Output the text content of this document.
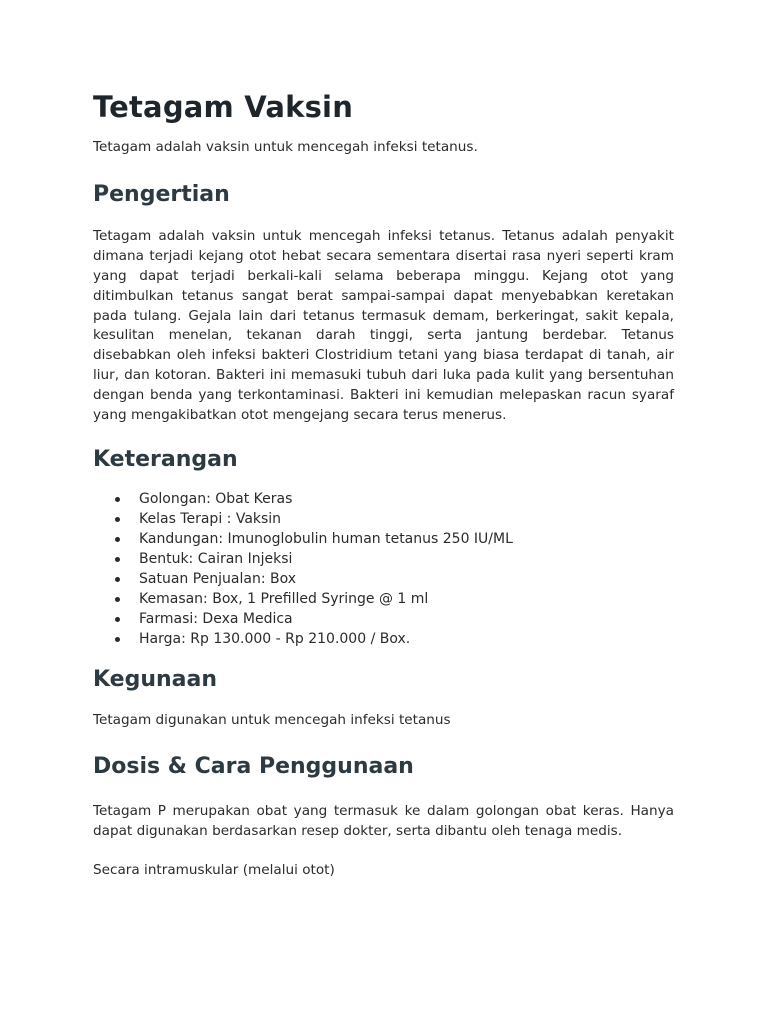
Tetagam Vaksin

Tetagam adalah vaksin untuk mencegah infeksi tetanus.

Pengertian

Tetagam adalah vaksin untuk mencegah infeksi tetanus. Tetanus adalah penyakit dimana terjadi kejang otot hebat secara sementara disertai rasa nyeri seperti kram yang dapat terjadi berkali-kali selama beberapa minggu. Kejang otot yang ditimbulkan tetanus sangat berat sampai-sampai dapat menyebabkan keretakan pada tulang. Gejala lain dari tetanus termasuk demam, berkeringat, sakit kepala, kesulitan menelan, tekanan darah tinggi, serta jantung berdebar. Tetanus disebabkan oleh infeksi bakteri Clostridium tetani yang biasa terdapat di tanah, air liur, dan kotoran. Bakteri ini memasuki tubuh dari luka pada kulit yang bersentuhan dengan benda yang terkontaminasi. Bakteri ini kemudian melepaskan racun syaraf yang mengakibatkan otot mengejang secara terus menerus.

Keterangan
Golongan: Obat Keras
Kelas Terapi : Vaksin
Kandungan: Imunoglobulin human tetanus 250 IU/ML
Bentuk: Cairan Injeksi
Satuan Penjualan: Box
Kemasan: Box, 1 Prefilled Syringe @ 1 ml
Farmasi: Dexa Medica
Harga: Rp 130.000 - Rp 210.000 / Box.
Kegunaan

Tetagam digunakan untuk mencegah infeksi tetanus

Dosis & Cara Penggunaan

Tetagam P merupakan obat yang termasuk ke dalam golongan obat keras. Hanya dapat digunakan berdasarkan resep dokter, serta dibantu oleh tenaga medis.

Secara intramuskular (melalui otot)
